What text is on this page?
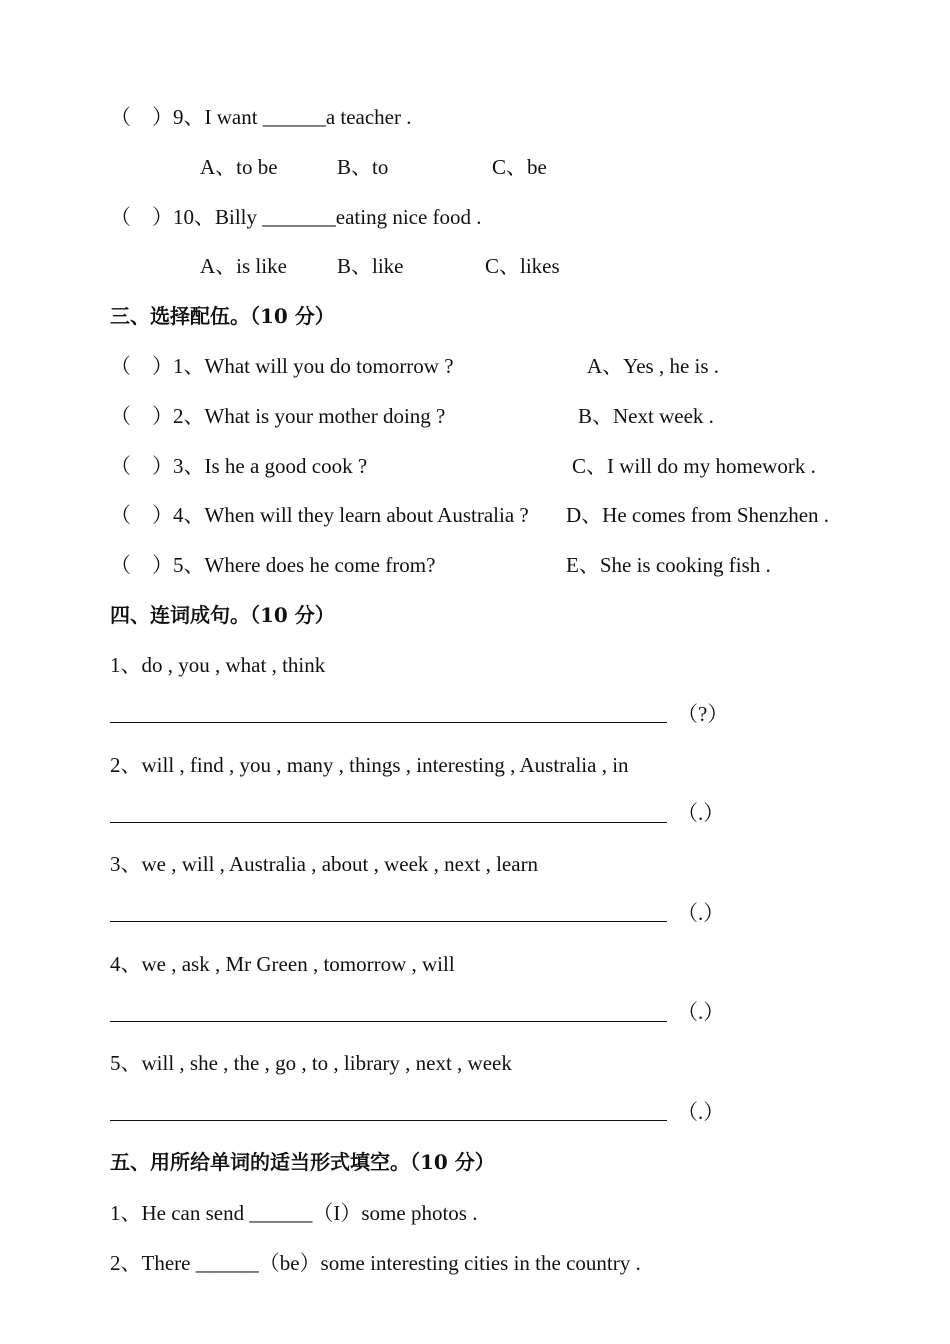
（　）9、I want ______a teacher .
A、to be	B、to	C、be
（　）10、Billy _______eating nice food .
A、is like B、like	C、likes
三、选择配伍。（10 分）
（　）1、What will you do tomorrow ?	A、Yes , he is .
（　）2、What is your mother doing ?	B、Next week .
（　）3、Is he a good cook ?	C、I will do my homework .
（　）4、When will they learn about Australia ? D、He comes from Shenzhen .
（　）5、Where does he come from?	E、She is cooking fish .
四、连词成句。（10 分）
1、do , you , what , think
（?）
2、will , find , you , many , things , interesting , Australia , in
（.）
3、we , will , Australia , about , week , next , learn
（.）
4、we , ask , Mr Green , tomorrow , will
（.）
5、will , she , the , go , to , library , next , week
（.）
五、用所给单词的适当形式填空。（10 分）
1、He can send ______（I）some photos .
2、There ______（be）some interesting cities in the country .
